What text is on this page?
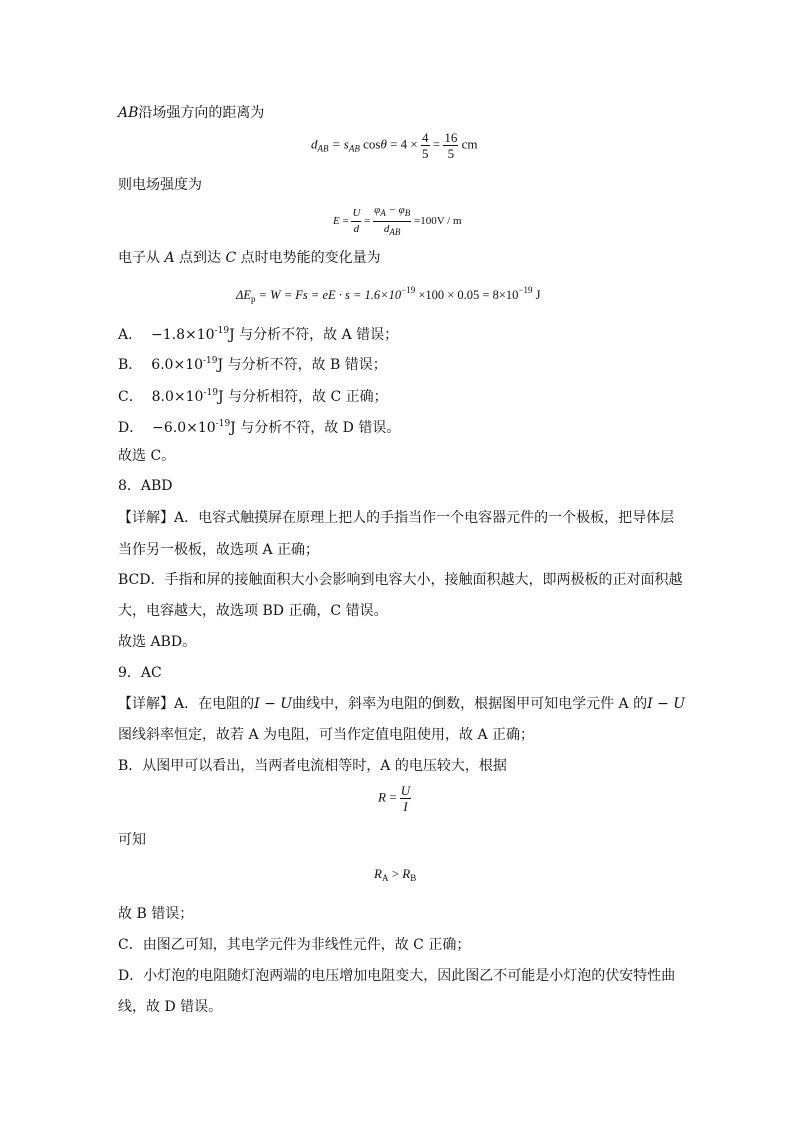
AB沿场强方向的距离为
$d_{AB} = s_{AB}$ $\cos\theta = 4 \times \frac{4}{5} = \frac{16}{5}$ cm
则电场强度为
$E = \frac{U}{d} = \frac{\varphi_A - \varphi_B}{d_{AB}} =100V / m$
电子从 A 点到达 C 点时电势能的变化量为
$\Delta E_p = W = Fs$ = eE · $s = 1.6\times 10^{-19} \times 100 \times 0.05 = 8\times 10^{-19}$ J
A．  $-1.8\times 10^{-19}J$ 与分析不符，故 A 错误；
B．  $6.0\times 10^{-19}J$ 与分析不符，故 B 错误；
C．  $8.0\times 10^{-19}J$ 与分析相符，故 C 正确；
D．  $-6.0\times 10^{-19}J$ 与分析不符，故 D 错误。
故选 C。
8．ABD
【详解】A．电容式触摸屏在原理上把人的手指当作一个电容器元件的一个极板，把导体层
当作另一极板，故选项 A 正确；
BCD．手指和屏的接触面积大小会影响到电容大小，接触面积越大，即两极板的正对面积越
大，电容越大，故选项 BD 正确，C 错误。
故选 ABD。
9．AC
【详解】A．在电阻的I − U曲线中，斜率为电阻的倒数，根据图甲可知电学元件 A 的I − U
图线斜率恒定，故若 A 为电阻，可当作定值电阻使用，故 A 正确；
B．从图甲可以看出，当两者电流相等时，A 的电压较大，根据
$R = \frac{U}{I}$
可知
$R_A > R_B$
故 B 错误；
C．由图乙可知，其电学元件为非线性元件，故 C 正确；
D．小灯泡的电阻随灯泡两端的电压增加电阻变大，因此图乙不可能是小灯泡的伏安特性曲
线，故 D 错误。
